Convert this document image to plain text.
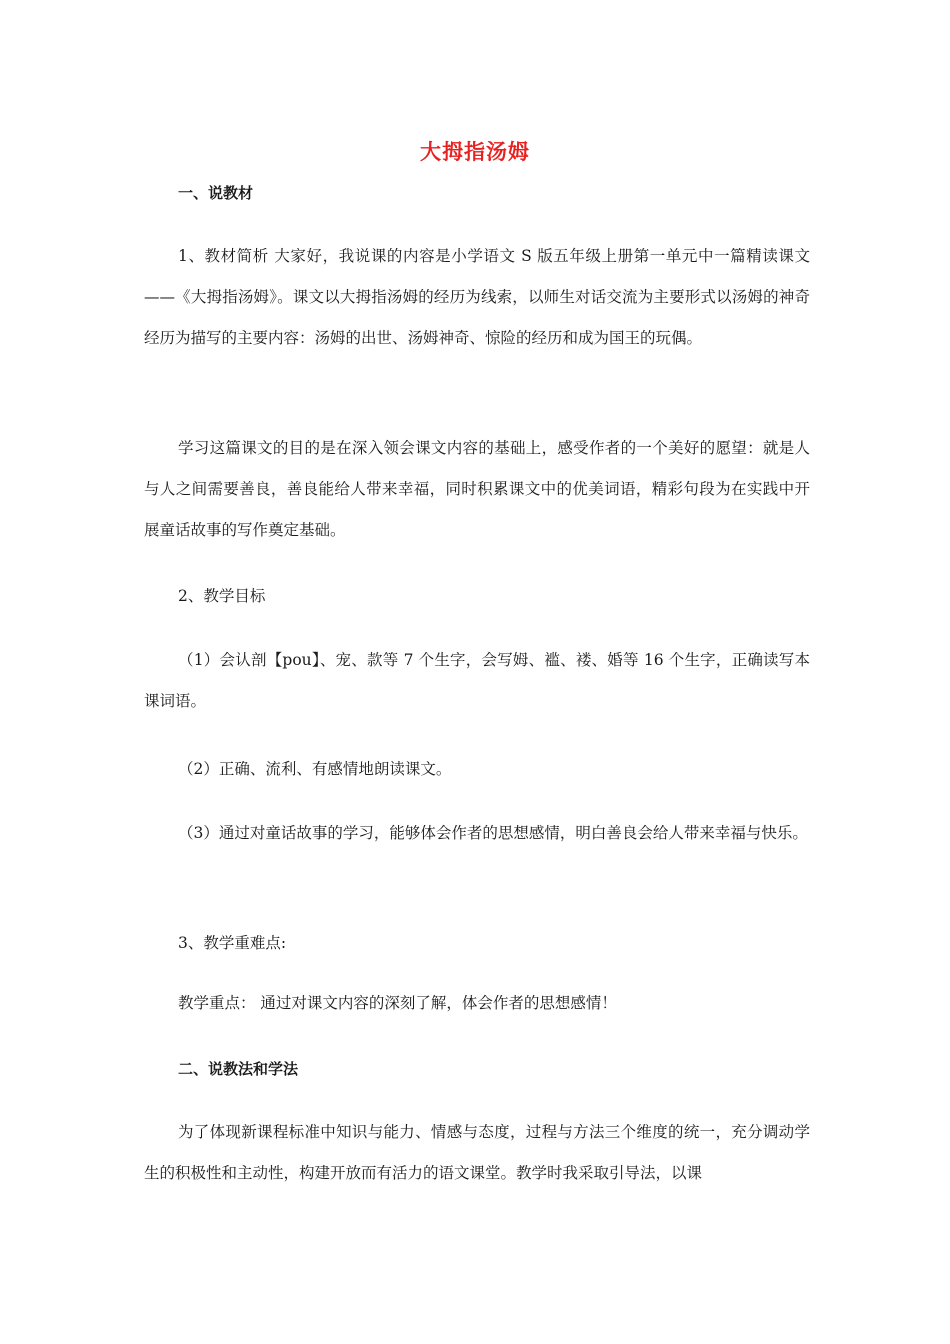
大拇指汤姆
一、说教材

1、教材简析 大家好，我说课的内容是小学语文 S 版五年级上册第一单元中一篇精读课文——《大拇指汤姆》。课文以大拇指汤姆的经历为线索，以师生对话交流为主要形式以汤姆的神奇经历为描写的主要内容：汤姆的出世、汤姆神奇、惊险的经历和成为国王的玩偶。

学习这篇课文的目的是在深入领会课文内容的基础上，感受作者的一个美好的愿望：就是人与人之间需要善良，善良能给人带来幸福，同时积累课文中的优美词语，精彩句段为在实践中开展童话故事的写作奠定基础。

2、教学目标

（1）会认剖【pou】、宠、款等 7 个生字，会写姆、褴、褛、婚等 16 个生字，正确读写本课词语。

（2）正确、流利、有感情地朗读课文。

（3）通过对童话故事的学习，能够体会作者的思想感情，明白善良会给人带来幸福与快乐。

3、教学重难点:
教学重点： 通过对课文内容的深刻了解，体会作者的思想感情！
二、说教法和学法

为了体现新课程标准中知识与能力、情感与态度，过程与方法三个维度的统一，充分调动学生的积极性和主动性，构建开放而有活力的语文课堂。教学时我采取引导法，以课
